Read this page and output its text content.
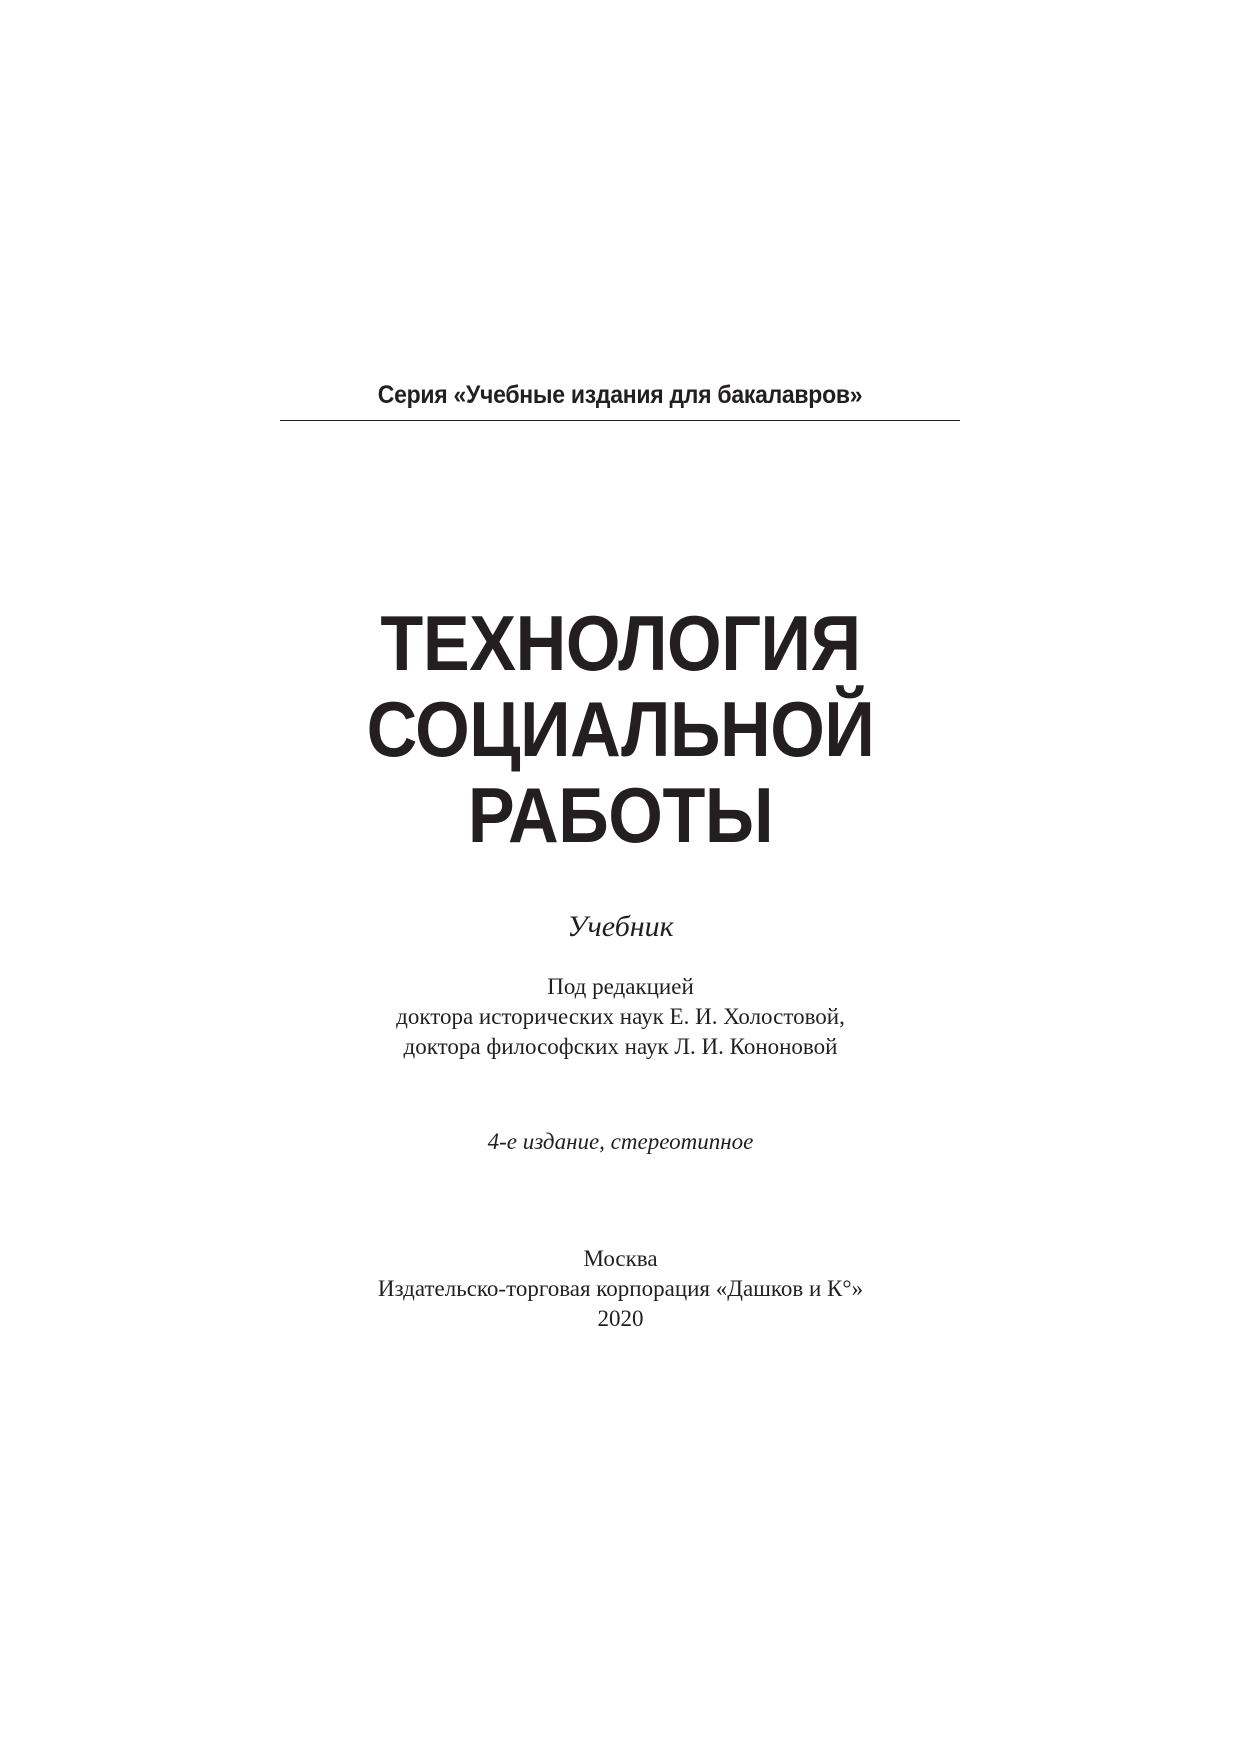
Серия «Учебные издания для бакалавров»
ТЕХНОЛОГИЯ
СОЦИАЛЬНОЙ
РАБОТЫ
Учебник
Под редакцией
доктора исторических наук Е. И. Холостовой,
доктора философских наук Л. И. Кононовой
4-е издание, стереотипное
Москва
Издательско-торговая корпорация «Дашков и К°»
2020
